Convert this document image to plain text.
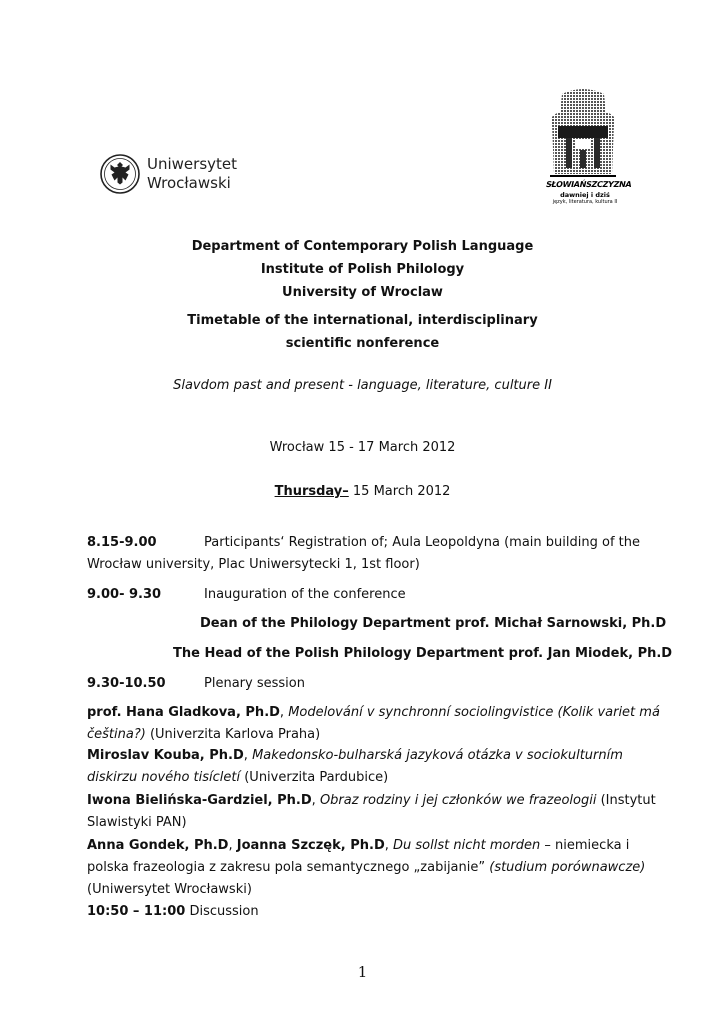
Uniwersytet
Wrocławski	SŁOWIAŃSZCZYZNA
dawniej i dziś
język, literatura, kultura II
Department of Contemporary Polish Language
Institute of Polish Philology
University of Wroclaw
Timetable of the international, interdisciplinary
scientific nonference
Slavdom past and present - language, literature, culture II
Wrocław 15 - 17 March 2012
Thursday– 15 March 2012
8.15-9.00	Participants‘ Registration of; Aula Leopoldyna (main building of the
Wrocław university, Plac Uniwersytecki 1, 1st floor)
9.00- 9.30	Inauguration of the conference
Dean of the Philology Department prof. Michał Sarnowski, Ph.D
The Head of the Polish Philology Department prof. Jan Miodek, Ph.D
9.30-10.50	Plenary session
prof. Hana Gladkova, Ph.D, Modelování v synchronní sociolingvistice (Kolik variet má
čeština?) (Univerzita Karlova Praha)
Miroslav Kouba, Ph.D, Makedonsko-bulharská jazyková otázka v sociokulturním
diskirzu nového tisícletí (Univerzita Pardubice)
Iwona Bielińska-Gardziel, Ph.D, Obraz rodziny i jej członków we frazeologii (Instytut
Slawistyki PAN)
Anna Gondek, Ph.D, Joanna Szczęk, Ph.D, Du sollst nicht morden – niemiecka i
polska frazeologia z zakresu pola semantycznego „zabijanie” (studium porównawcze)
(Uniwersytet Wrocławski)
10:50 – 11:00 Discussion
1
